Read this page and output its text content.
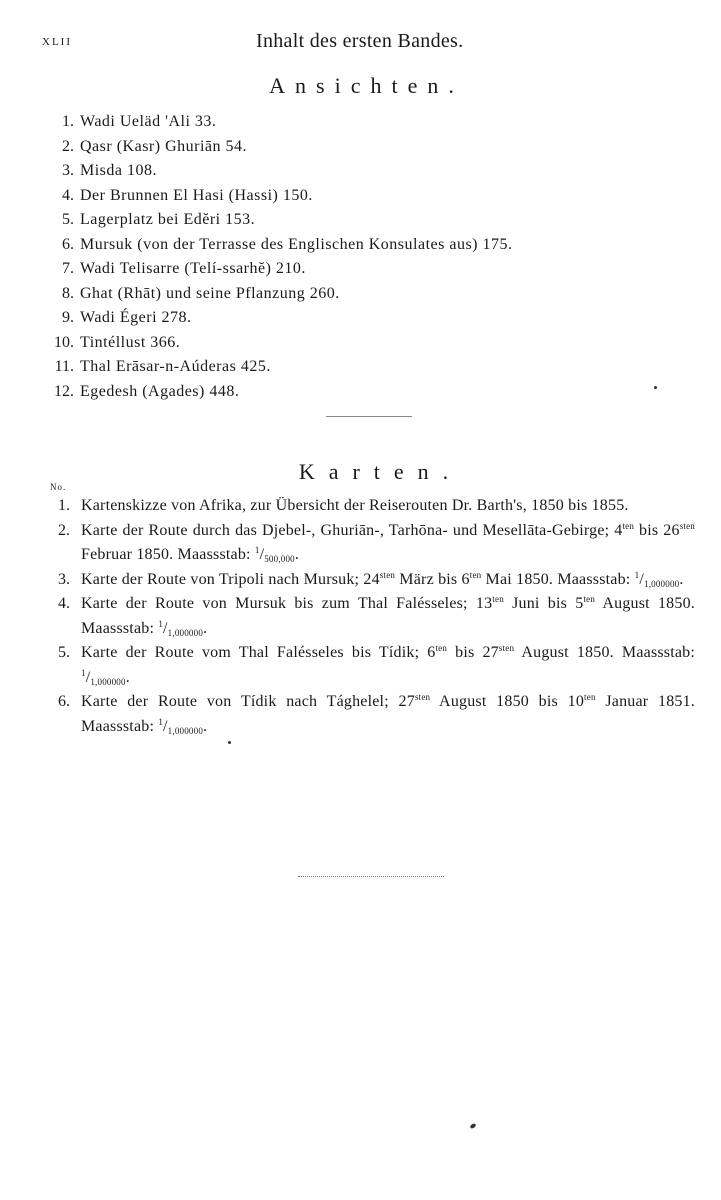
XLII	Inhalt des ersten Bandes.
Ansichten.
1. Wadi Ueläd 'Ali 33.
2. Qasr (Kasr) Ghuriān 54.
3. Misda 108.
4. Der Brunnen El Hasi (Hassi) 150.
5. Lagerplatz bei Edĕri 153.
6. Mursuk (von der Terrasse des Englischen Konsulates aus) 175.
7. Wadi Telisarre (Telí-ssarhĕ) 210.
8. Ghat (Rhāt) und seine Pflanzung 260.
9. Wadi Égeri 278.
10. Tintéllust 366.
11. Thal Erāsar-n-Aúderas 425.
12. Egedesh (Agades) 448.
No.
Karten.
1. Kartenskizze von Afrika, zur Übersicht der Reiserouten Dr. Barth's, 1850 bis 1855.
2. Karte der Route durch das Djebel-, Ghuriān-, Tarhōna- und Mesellāta-Gebirge; $4^{ten}$ bis $26^{sten}$ Februar 1850. Maassstab: $^1/_{500,000}$.
3. Karte der Route von Tripoli nach Mursuk; $24^{sten}$ März bis $6^{ten}$ Mai 1850. Maassstab: $^1/_{1,000000}$.
4. Karte der Route von Mursuk bis zum Thal Falésseles; $13^{ten}$ Juni bis $5^{ten}$ August 1850. Maassstab: $^1/_{1,000000}$.
5. Karte der Route vom Thal Falésseles bis Tídik; $6^{ten}$ bis $27^{sten}$ August 1850. Maassstab: $^1/_{1,000000}$.
6. Karte der Route von Tídik nach Tághelel; $27^{sten}$ August 1850 bis $10^{ten}$ Januar 1851. Maassstab: $^1/_{1,000000}$.
